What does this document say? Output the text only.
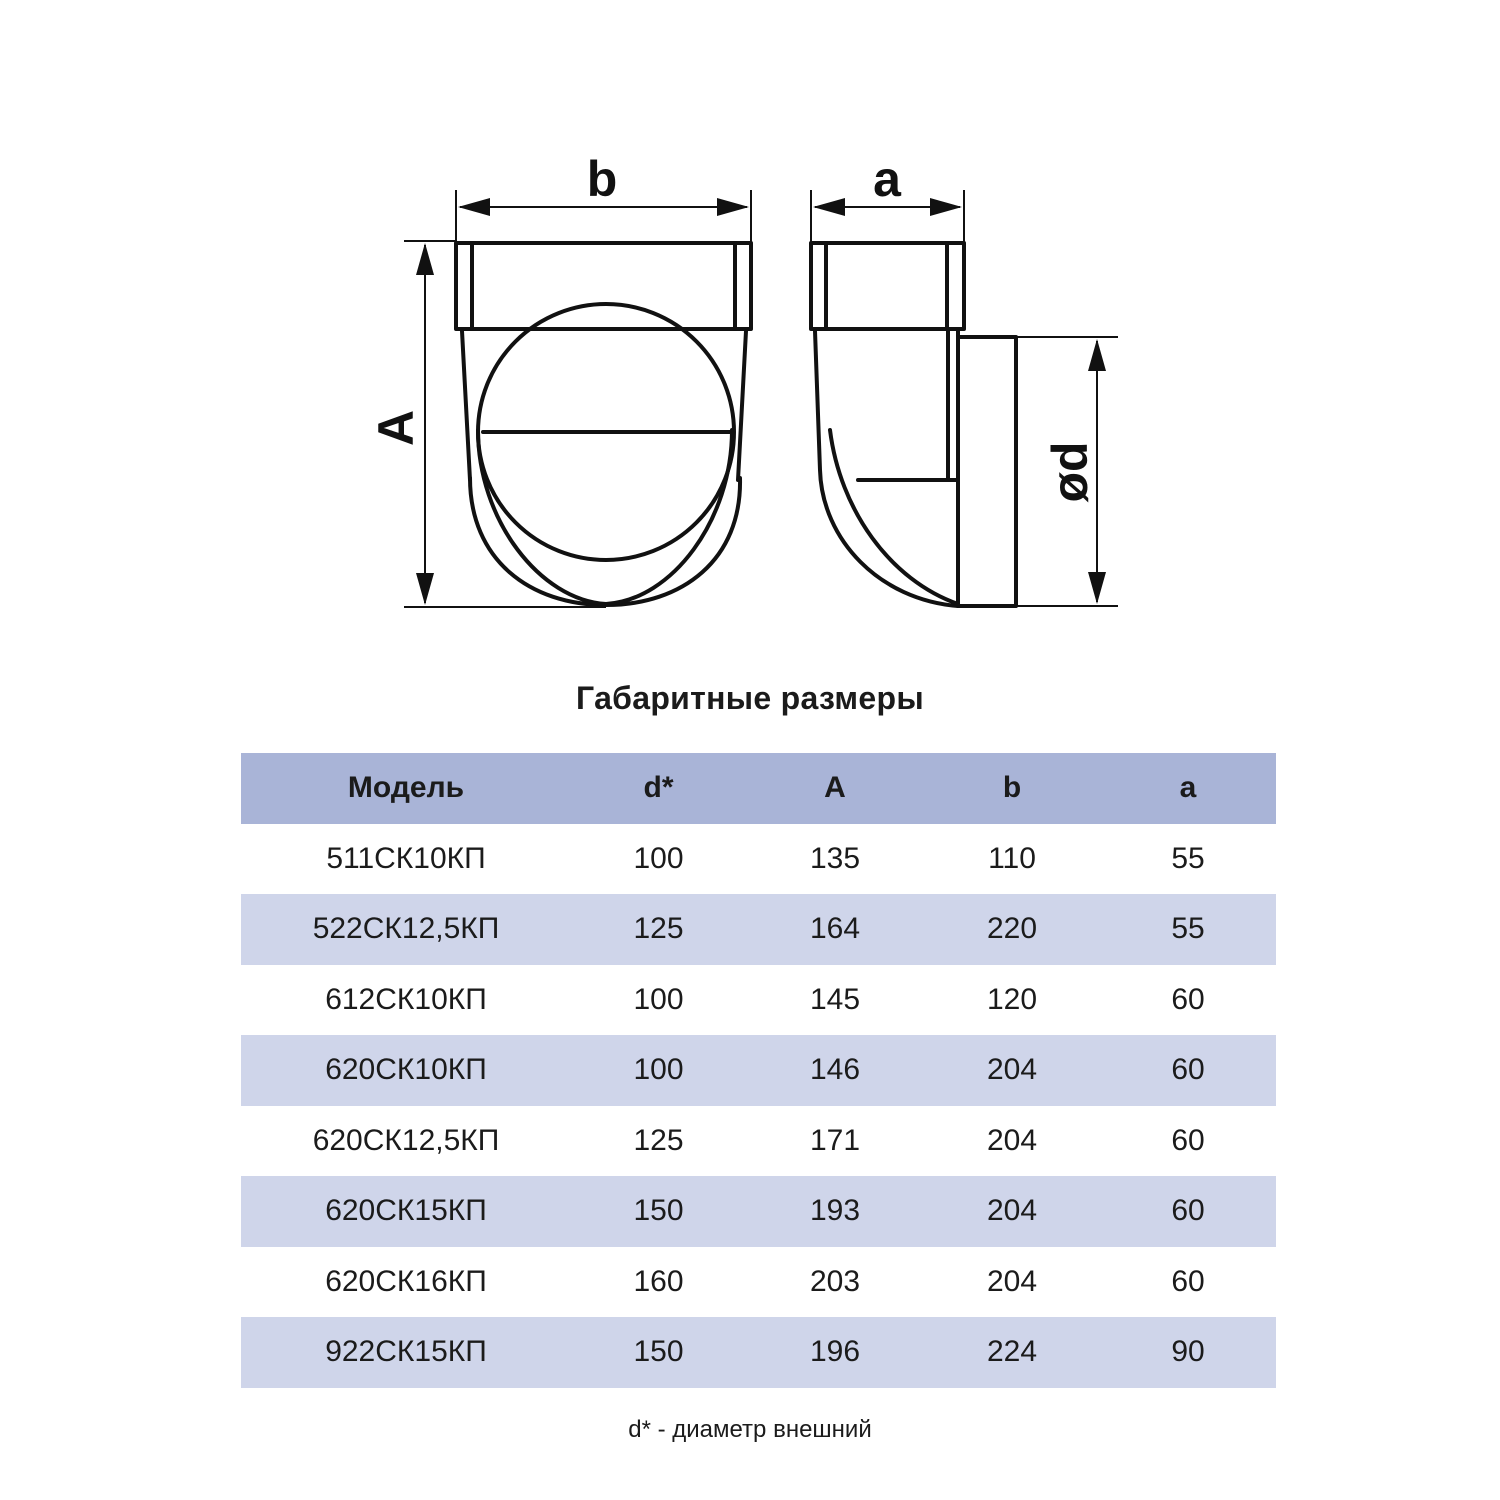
b
A
a
ød
Габаритные размеры
Модель	d*	A	b	a
511СК10КП	100	135	110	55
522СК12,5КП	125	164	220	55
612СК10КП	100	145	120	60
620СК10КП	100	146	204	60
620СК12,5КП	125	171	204	60
620СК15КП	150	193	204	60
620СК16КП	160	203	204	60
922СК15КП	150	196	224	90
d* - диаметр внешний
